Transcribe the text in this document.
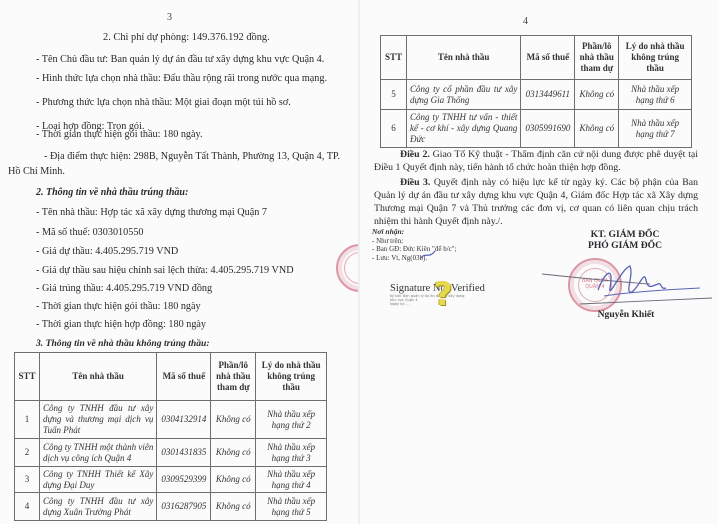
3
2. Chi phí dự phòng: 149.376.192 đồng.
- Tên Chủ đầu tư: Ban quản lý dự án đầu tư xây dựng khu vực Quận 4.
- Hình thức lựa chọn nhà thầu: Đấu thầu rộng rãi trong nước qua mạng.
- Phương thức lựa chọn nhà thầu: Một giai đoạn một túi hồ sơ.
- Loại hợp đồng: Trọn gói.
- Thời gian thực hiện gói thầu: 180 ngày.
- Địa điểm thực hiện: 298B, Nguyễn Tất Thành, Phường 13, Quận 4, TP.
Hồ Chí Minh.
2. Thông tin về nhà thầu trúng thầu:
- Tên nhà thầu: Hợp tác xã xây dựng thương mại Quận 7
- Mã số thuế: 0303010550
- Giá dự thầu: 4.405.295.719 VND
- Giá dự thầu sau hiệu chỉnh sai lệch thừa: 4.405.295.719 VND
- Giá trúng thầu: 4.405.295.719 VND đồng
- Thời gian thực hiện gói thầu: 180 ngày
- Thời gian thực hiện hợp đồng: 180 ngày
3. Thông tin về nhà thầu không trúng thầu:
STT	Tên nhà thầu	Mã số thuế	Phần/lô nhà thầu tham dự	Lý do nhà thầu không trúng thầu
1	Công ty TNHH đầu tư xây dựng và thương mại dịch vụ Tuấn Phát	0304132914	Không có	Nhà thầu xếp hạng thứ 2
2	Công ty TNHH một thành viên dịch vụ công ích Quận 4	0301431835	Không có	Nhà thầu xếp hạng thứ 3
3	Công ty TNHH Thiết kế Xây dựng Đại Duy	0309529399	Không có	Nhà thầu xếp hạng thứ 4
4	Công ty TNHH đầu tư xây dựng Xuân Trường Phát	0316287905	Không có	Nhà thầu xếp hạng thứ 5
4
STT	Tên nhà thầu	Mã số thuế	Phần/lô nhà thầu tham dự	Lý do nhà thầu không trúng thầu
5	Công ty cổ phần đầu tư xây dựng Gia Thống	0313449611	Không có	Nhà thầu xếp hạng thứ 6
6	Công ty TNHH tư vấn - thiết kế - cơ khí - xây dựng Quang Đức	0305991690	Không có	Nhà thầu xếp hạng thứ 7
Điều 2. Giao Tổ Kỹ thuật - Thẩm định căn cứ nội dung được phê duyệt tại Điều 1 Quyết định này, tiến hành tổ chức hoàn thiện hợp đồng.
Điều 3. Quyết định này có hiệu lực kể từ ngày ký. Các bộ phận của Ban Quản lý dự án đầu tư xây dựng khu vực Quận 4, Giám đốc Hợp tác xã Xây dựng Thương mại Quận 7 và Thủ trưởng các đơn vị, cơ quan có liên quan chịu trách nhiệm thi hành Quyết định này./.
Nơi nhận:
- Như trên;
- Ban GĐ: Đức Kiên "để b/c";
- Lưu: Vt, Ng(03b).
Signature Not Verified
Ký bởi: Ban quản lý dự án đầu tư xây dựng
khu vực Quận 4
Ngày ký: ... ?
KT. GIÁM ĐỐC
PHÓ GIÁM ĐỐC
BAN QLDA
QUẬN 4
Nguyễn Khiết
